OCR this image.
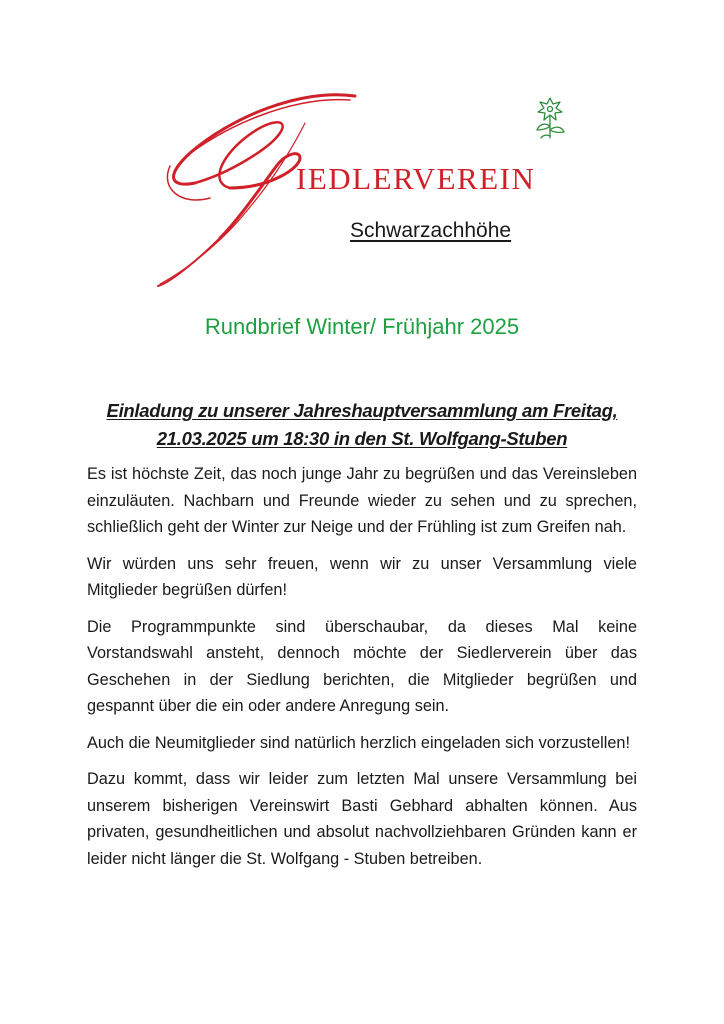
IEDLERVEREIN
Schwarzachhöhe
Rundbrief Winter/ Frühjahr 2025
Einladung zu unserer Jahreshauptversammlung am Freitag,
21.03.2025 um 18:30 in den St. Wolfgang-Stuben

Es ist höchste Zeit, das noch junge Jahr zu begrüßen und das Vereinsleben einzuläuten. Nachbarn und Freunde wieder zu sehen und zu sprechen, schließlich geht der Winter zur Neige und der Frühling ist zum Greifen nah.

Wir würden uns sehr freuen, wenn wir zu unser Versammlung viele Mitglieder begrüßen dürfen!

Die Programmpunkte sind überschaubar, da dieses Mal keine Vorstandswahl ansteht, dennoch möchte der Siedlerverein über das Geschehen in der Siedlung berichten, die Mitglieder begrüßen und gespannt über die ein oder andere Anregung sein.

Auch die Neumitglieder sind natürlich herzlich eingeladen sich vorzustellen!

Dazu kommt, dass wir leider zum letzten Mal unsere Versammlung bei unserem bisherigen Vereinswirt Basti Gebhard abhalten können. Aus privaten, gesundheitlichen und absolut nachvollziehbaren Gründen kann er leider nicht länger die St. Wolfgang - Stuben betreiben.
